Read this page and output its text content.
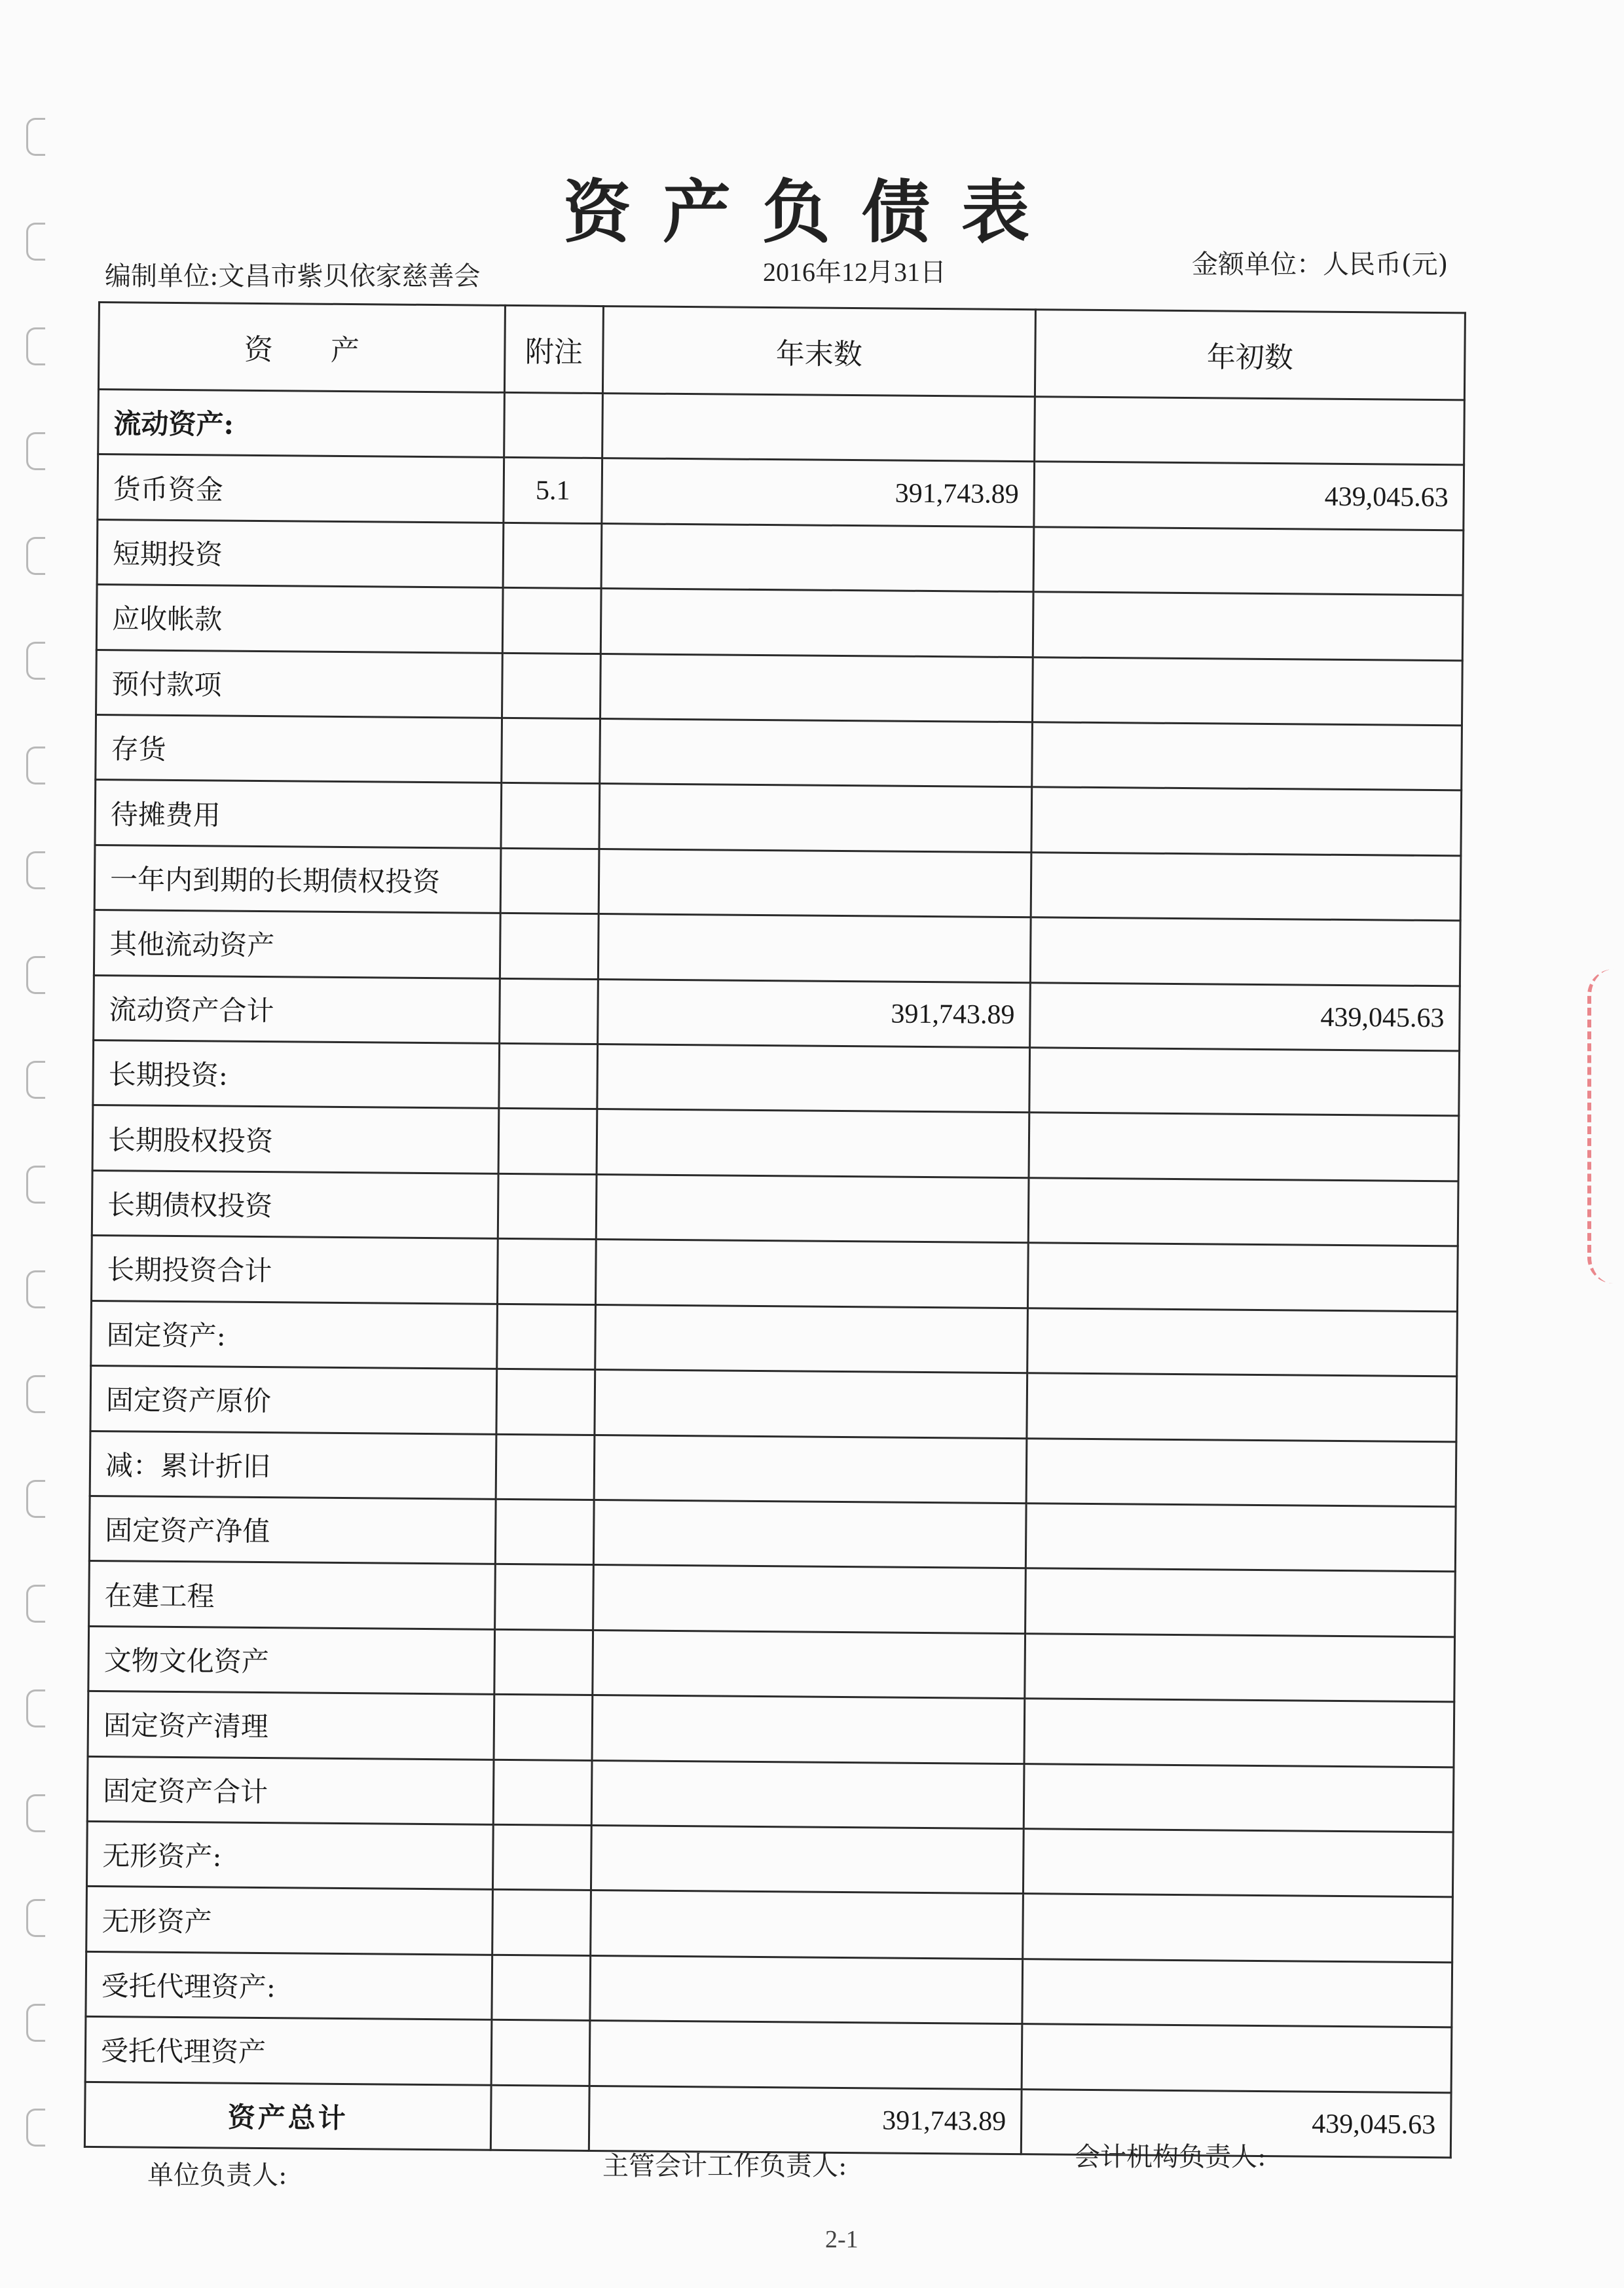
资产负债表
编制单位:文昌市紫贝依家慈善会	2016年12月31日	金额单位：人民币(元)
资　　产	附注	年末数	年初数
流动资产:			
货币资金	5.1	391,743.89	439,045.63
短期投资			
应收帐款			
预付款项			
存货			
待摊费用			
一年内到期的长期债权投资			
其他流动资产			
流动资产合计		391,743.89	439,045.63
长期投资:			
长期股权投资			
长期债权投资			
长期投资合计			
固定资产:			
固定资产原价			
减：累计折旧			
固定资产净值			
在建工程			
文物文化资产			
固定资产清理			
固定资产合计			
无形资产:			
无形资产			
受托代理资产:			
受托代理资产			
资产总计		391,743.89	439,045.63
单位负责人:	主管会计工作负责人:	会计机构负责人:
2-1
